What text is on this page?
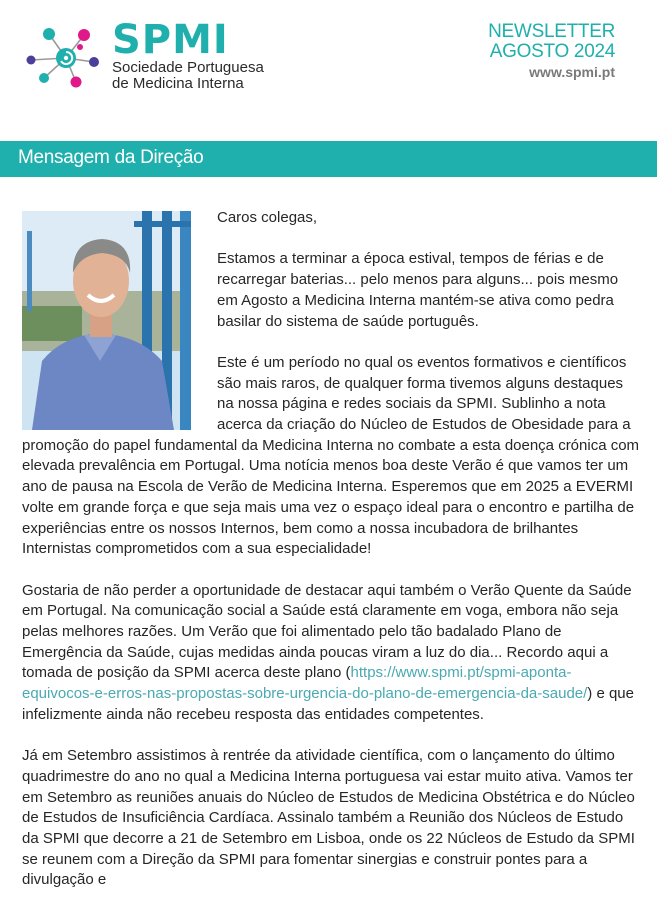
SPMI
Sociedade Portuguesa
de Medicina Interna
NEWSLETTER
AGOSTO 2024
www.spmi.pt
Mensagem da Direção

Caros colegas,

Estamos a terminar a época estival, tempos de férias e de recarregar baterias... pelo menos para alguns... pois mesmo em Agosto a Medicina Interna mantém-se ativa como pedra basilar do sistema de saúde português.

Este é um período no qual os eventos formativos e científicos são mais raros, de qualquer forma tivemos alguns destaques na nossa página e redes sociais da SPMI. Sublinho a nota acerca da criação do Núcleo de Estudos de Obesidade para a promoção do papel fundamental da Medicina Interna no combate a esta doença crónica com elevada prevalência em Portugal. Uma notícia menos boa deste Verão é que vamos ter um ano de pausa na Escola de Verão de Medicina Interna. Esperemos que em 2025 a EVERMI volte em grande força e que seja mais uma vez o espaço ideal para o encontro e partilha de experiências entre os nossos Internos, bem como a nossa incubadora de brilhantes Internistas comprometidos com a sua especialidade!

Gostaria de não perder a oportunidade de destacar aqui também o Verão Quente da Saúde em Portugal. Na comunicação social a Saúde está claramente em voga, embora não seja pelas melhores razões. Um Verão que foi alimentado pelo tão badalado Plano de Emergência da Saúde, cujas medidas ainda poucas viram a luz do dia... Recordo aqui a tomada de posição da SPMI acerca deste plano (https://www.spmi.pt/spmi-aponta-equivocos-e-erros-nas-propostas-sobre-urgencia-do-plano-de-emergencia-da-saude/) e que infelizmente ainda não recebeu resposta das entidades competentes.

Já em Setembro assistimos à rentrée da atividade científica, com o lançamento do último quadrimestre do ano no qual a Medicina Interna portuguesa vai estar muito ativa. Vamos ter em Setembro as reuniões anuais do Núcleo de Estudos de Medicina Obstétrica e do Núcleo de Estudos de Insuficiência Cardíaca. Assinalo também a Reunião dos Núcleos de Estudo da SPMI que decorre a 21 de Setembro em Lisboa, onde os 22 Núcleos de Estudo da SPMI se reunem com a Direção da SPMI para fomentar sinergias e construir pontes para a divulgação e
